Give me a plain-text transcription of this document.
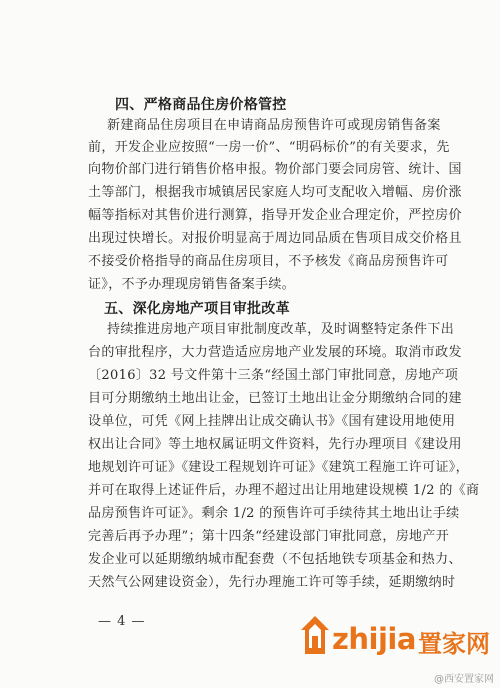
四、严格商品住房价格管控
新建商品住房项目在申请商品房预售许可或现房销售备案
前，开发企业应按照“一房一价”、“明码标价”的有关要求，先
向物价部门进行销售价格申报。物价部门要会同房管、统计、国
土等部门，根据我市城镇居民家庭人均可支配收入增幅、房价涨
幅等指标对其售价进行测算，指导开发企业合理定价，严控房价
出现过快增长。对报价明显高于周边同品质在售项目成交价格且
不接受价格指导的商品住房项目，不予核发《商品房预售许可
证》，不予办理现房销售备案手续。
五、深化房地产项目审批改革
持续推进房地产项目审批制度改革，及时调整特定条件下出
台的审批程序，大力营造适应房地产业发展的环境。取消市政发
〔2016〕32 号文件第十三条“经国土部门审批同意，房地产项
目可分期缴纳土地出让金，已签订土地出让金分期缴纳合同的建
设单位，可凭《网上挂牌出让成交确认书》《国有建设用地使用
权出让合同》等土地权属证明文件资料，先行办理项目《建设用
地规划许可证》《建设工程规划许可证》《建筑工程施工许可证》，
并可在取得上述证件后，办理不超过出让用地建设规模 1/2 的《商
品房预售许可证》。剩余 1/2 的预售许可手续待其土地出让手续
完善后再予办理”；第十四条“经建设部门审批同意，房地产开
发企业可以延期缴纳城市配套费（不包括地铁专项基金和热力、
天然气公网建设资金），先行办理施工许可等手续，延期缴纳时
— 4 —
zhijia 置家网
@西安置家网
